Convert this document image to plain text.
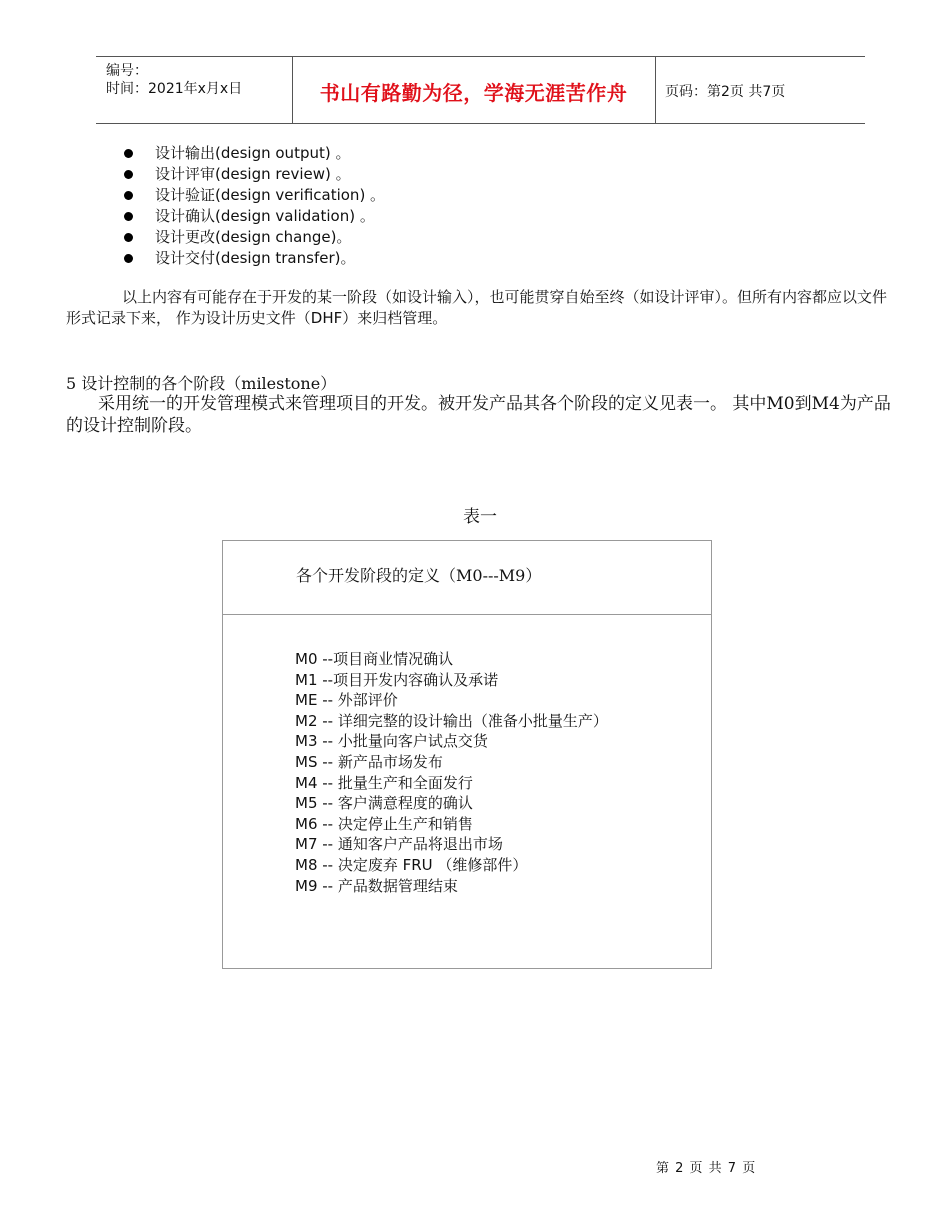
编号：
时间：2021年x月x日	书山有路勤为径，学海无涯苦作舟	页码：第2页 共7页
设计输出(design output) 。
设计评审(design review) 。
设计验证(design verification) 。
设计确认(design validation) 。
设计更改(design change)。
设计交付(design transfer)。
以上内容有可能存在于开发的某一阶段（如设计输入），也可能贯穿自始至终（如设计评审）。但所有内容都应以文件形式记录下来， 作为设计历史文件（DHF）来归档管理。
5 设计控制的各个阶段（milestone）
采用统一的开发管理模式来管理项目的开发。被开发产品其各个阶段的定义见表一。 其中M0到M4为产品的设计控制阶段。
表一
各个开发阶段的定义（M0---M9）
M0 --项目商业情况确认
M1 --项目开发内容确认及承诺
ME -- 外部评价
M2 -- 详细完整的设计输出（准备小批量生产）
M3 -- 小批量向客户试点交货
MS -- 新产品市场发布
M4 -- 批量生产和全面发行
M5 -- 客户满意程度的确认
M6 -- 决定停止生产和销售
M7 -- 通知客户产品将退出市场
M8 -- 决定废弃 FRU （维修部件）
M9 -- 产品数据管理结束
第 2 页 共 7 页
